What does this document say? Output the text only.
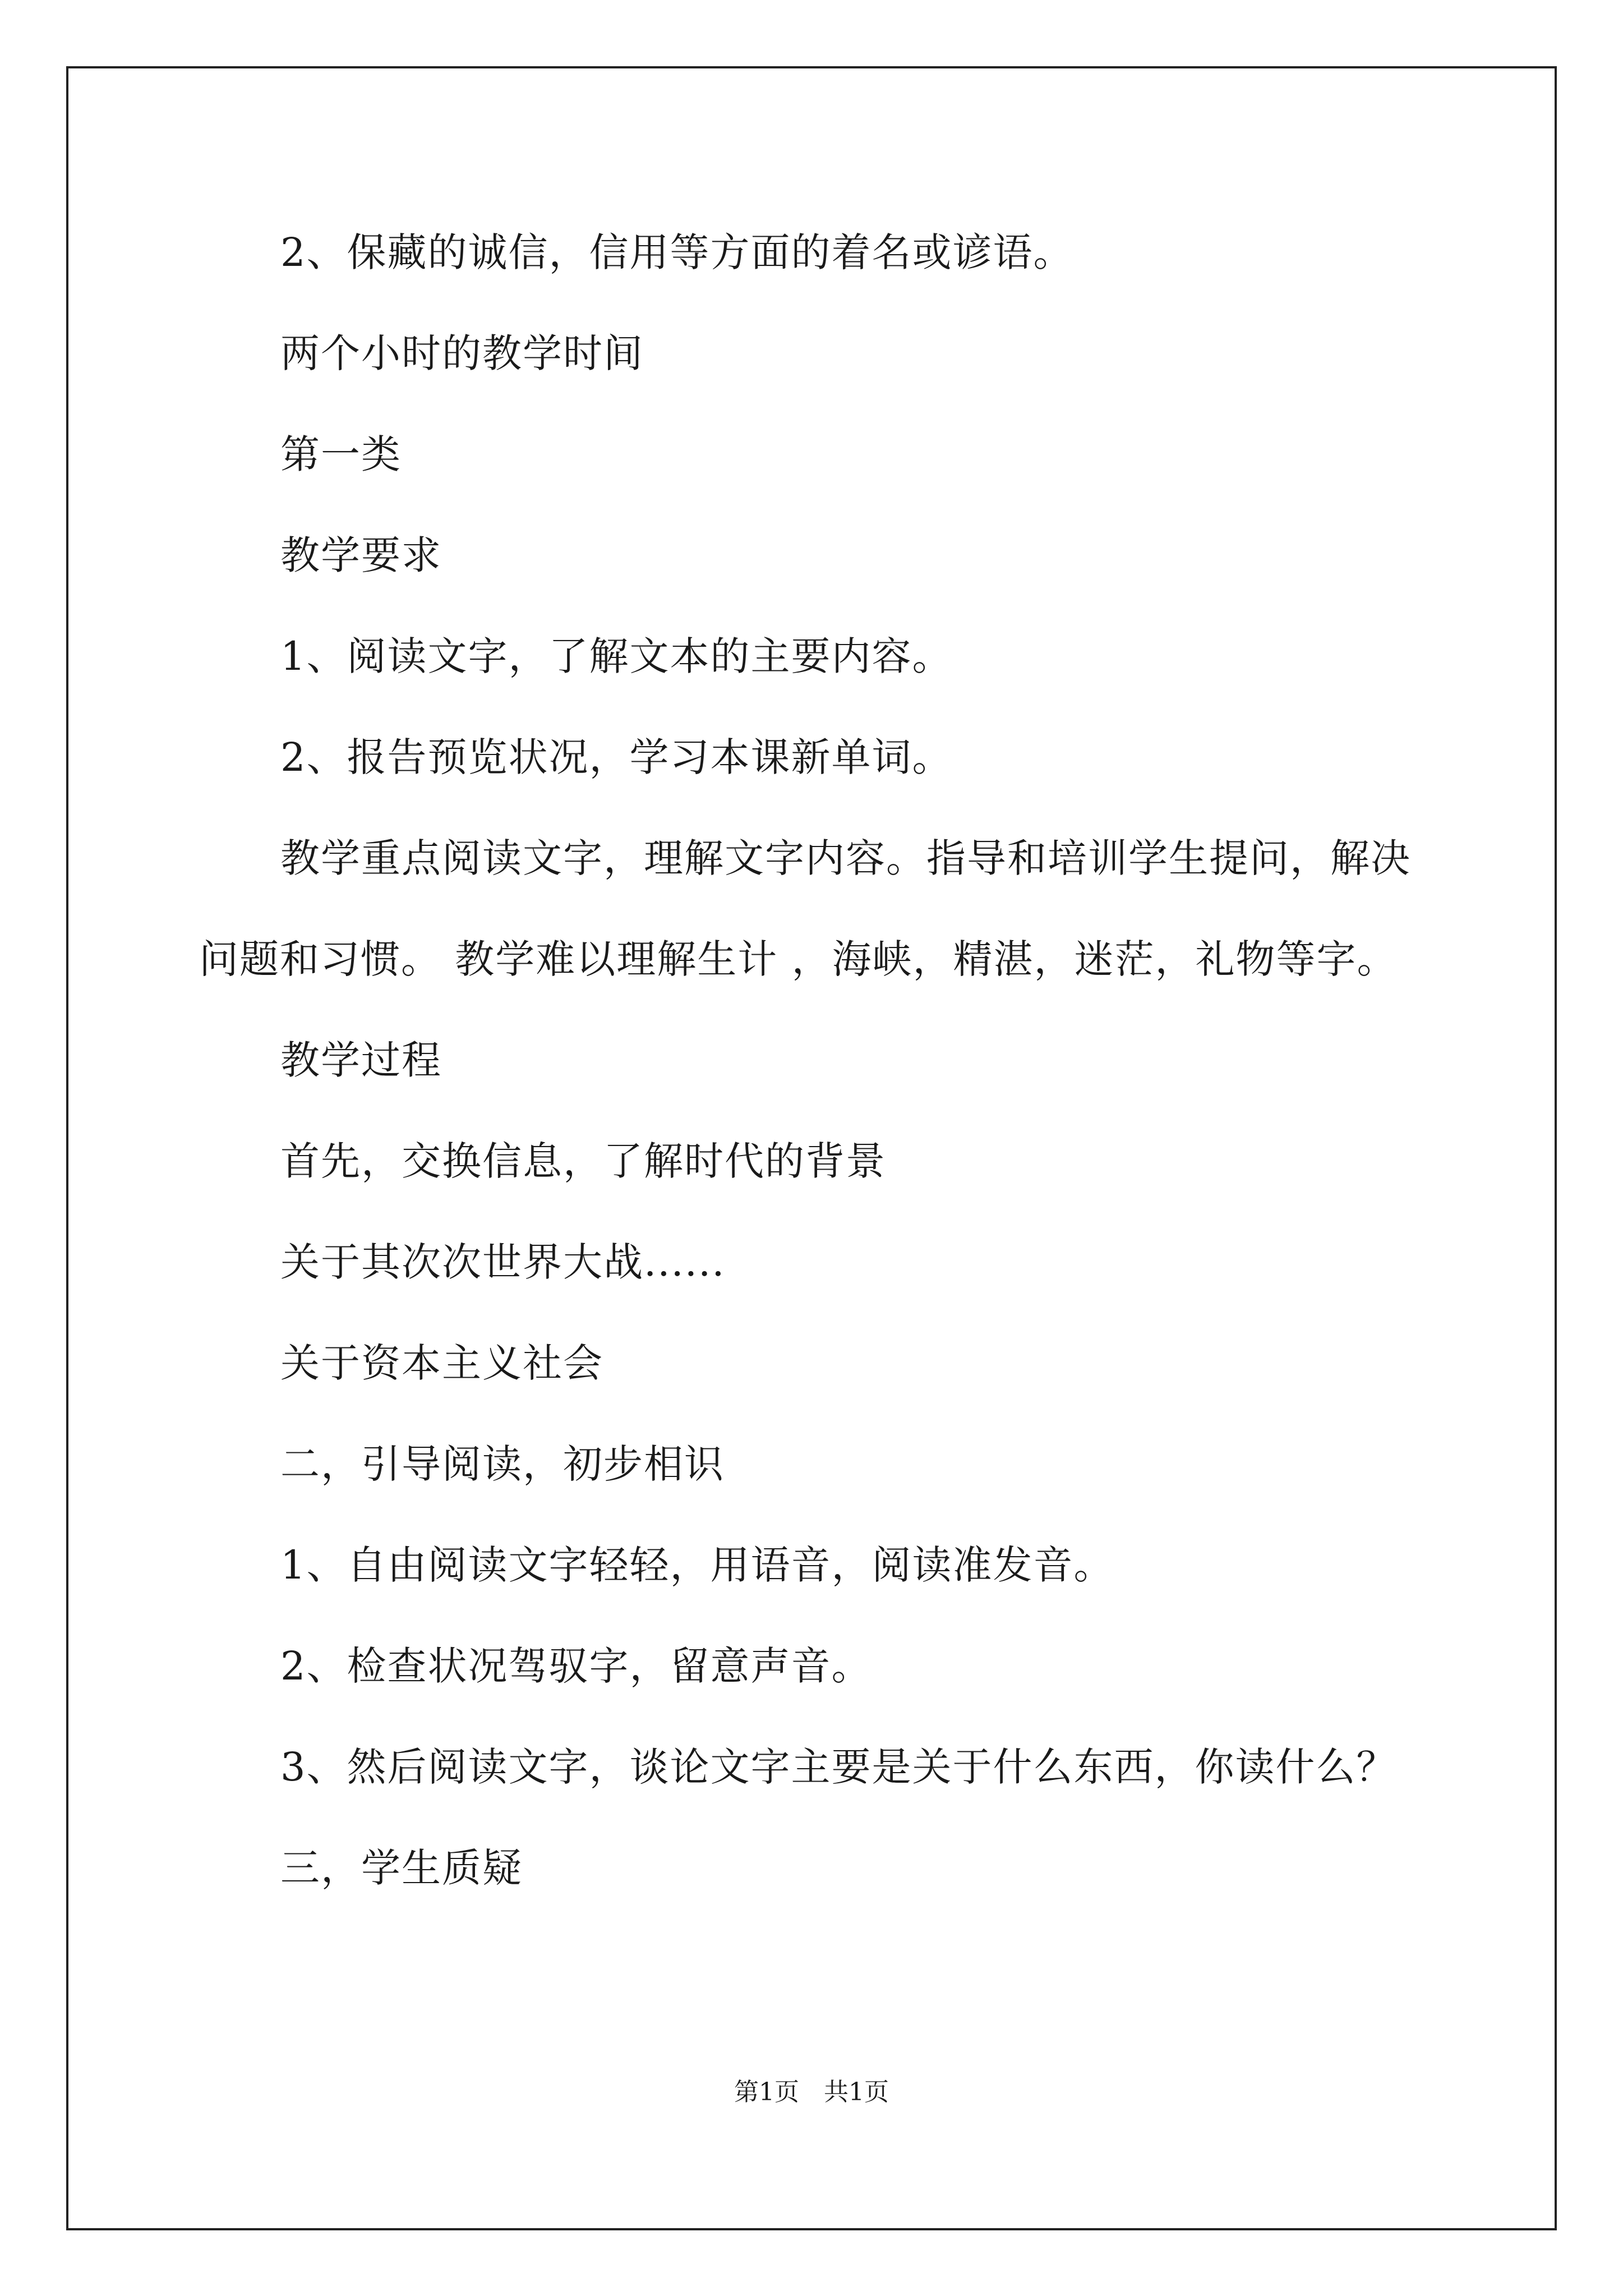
2、保藏的诚信，信用等方面的着名或谚语。
两个小时的教学时间
第一类
教学要求
1、阅读文字，了解文本的主要内容。
2、报告预览状况，学习本课新单词。
教学重点阅读文字，理解文字内容。指导和培训学生提问，解决
问题和习惯。 教学难以理解生计 ，海峡，精湛，迷茫，礼物等字。
教学过程
首先，交换信息，了解时代的背景
关于其次次世界大战......
关于资本主义社会
二，引导阅读，初步相识
1、自由阅读文字轻轻，用语音，阅读准发音。
2、检查状况驾驭字，留意声音。
3、然后阅读文字，谈论文字主要是关于什么东西，你读什么？
三，学生质疑
第1页　共1页
